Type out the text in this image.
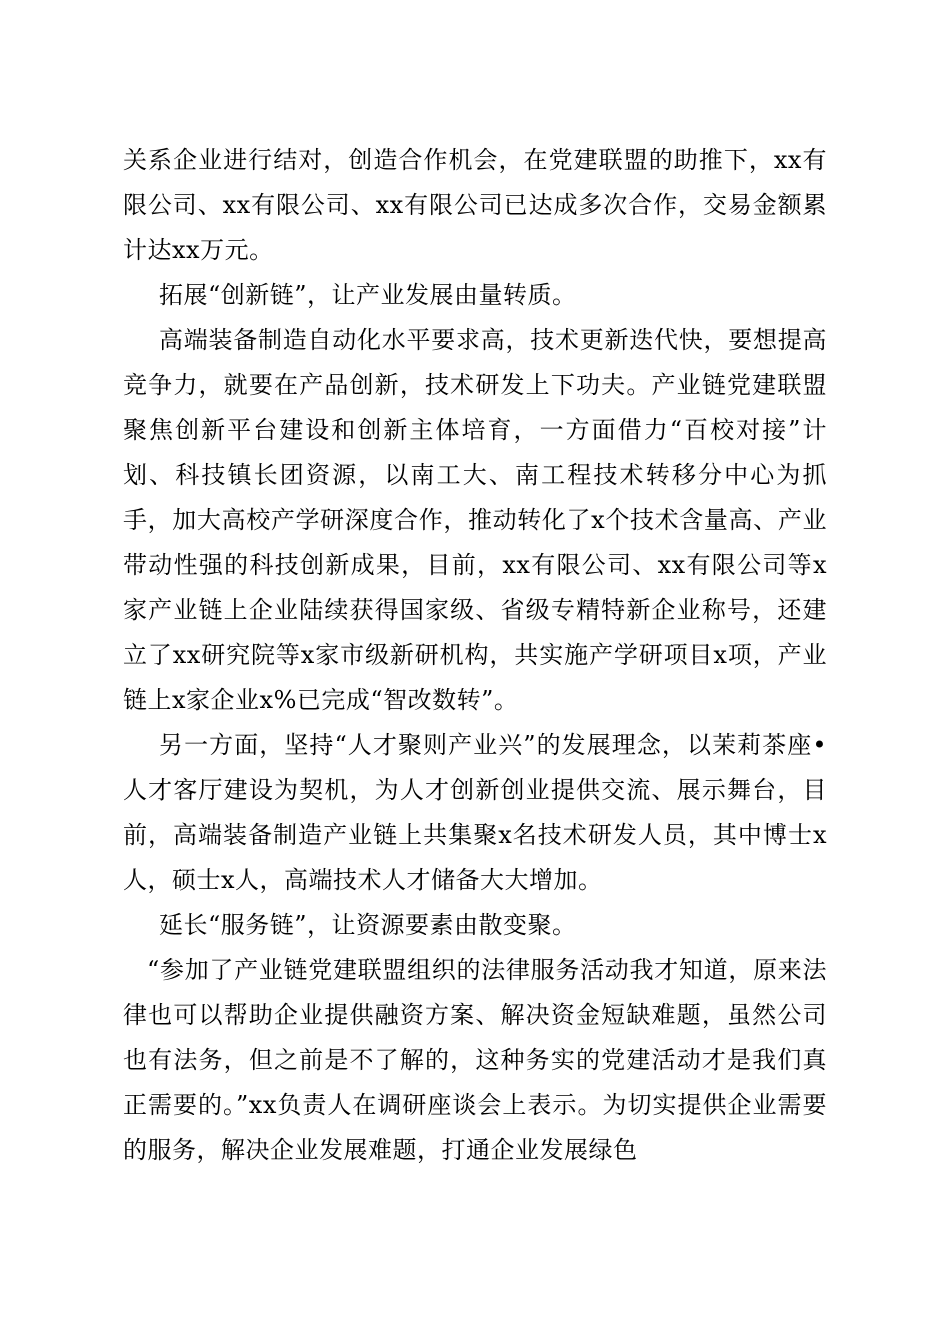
关系企业进行结对，创造合作机会，在党建联盟的助推下，xx有限公司、xx有限公司、xx有限公司已达成多次合作，交易金额累计达xx万元。

拓展“创新链”，让产业发展由量转质。

高端装备制造自动化水平要求高，技术更新迭代快，要想提高竞争力，就要在产品创新，技术研发上下功夫。产业链党建联盟聚焦创新平台建设和创新主体培育，一方面借力“百校对接”计划、科技镇长团资源，以南工大、南工程技术转移分中心为抓手，加大高校产学研深度合作，推动转化了x个技术含量高、产业带动性强的科技创新成果，目前，xx有限公司、xx有限公司等x家产业链上企业陆续获得国家级、省级专精特新企业称号，还建立了xx研究院等x家市级新研机构，共实施产学研项目x项，产业链上x家企业x%已完成“智改数转”。

另一方面，坚持“人才聚则产业兴”的发展理念，以茉莉茶座•人才客厅建设为契机，为人才创新创业提供交流、展示舞台，目前，高端装备制造产业链上共集聚x名技术研发人员，其中博士x人，硕士x人，高端技术人才储备大大增加。

延长“服务链”，让资源要素由散变聚。

“参加了产业链党建联盟组织的法律服务活动我才知道，原来法律也可以帮助企业提供融资方案、解决资金短缺难题，虽然公司也有法务，但之前是不了解的，这种务实的党建活动才是我们真正需要的。”xx负责人在调研座谈会上表示。为切实提供企业需要的服务，解决企业发展难题，打通企业发展绿色
